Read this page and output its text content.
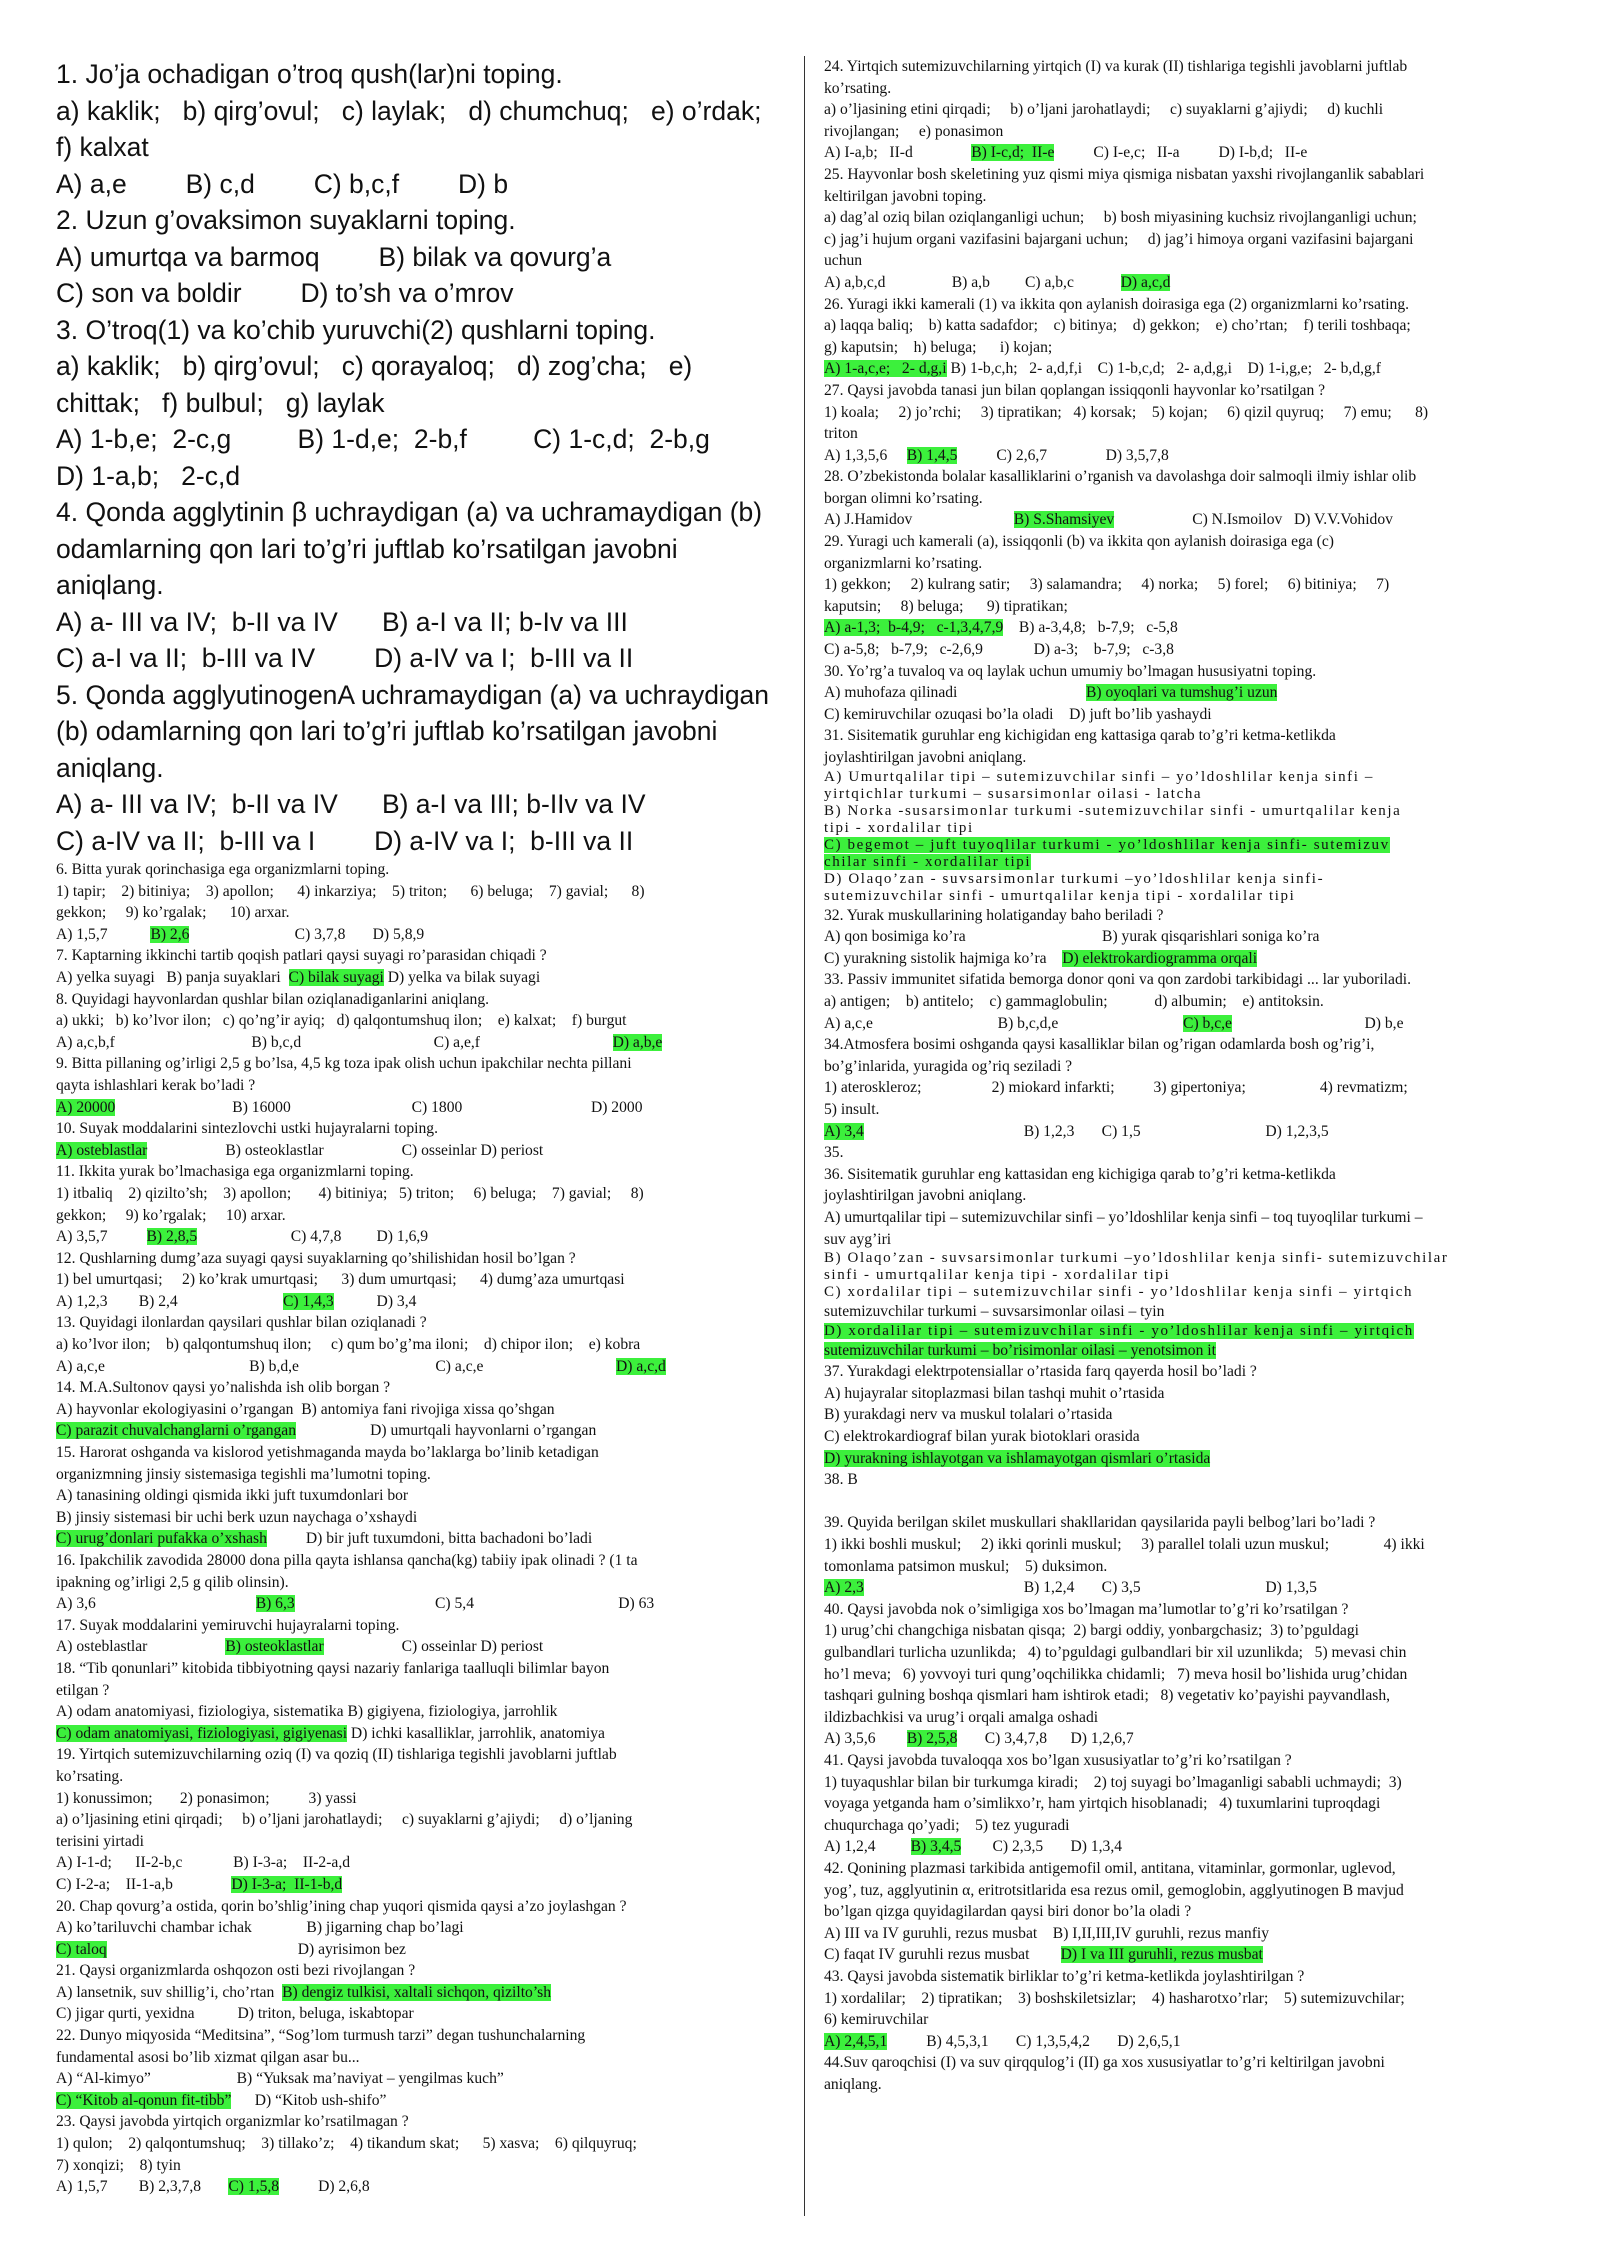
1. Jo’ja ochadigan o’troq qush(lar)ni toping.
a) kaklik;   b) qirg’ovul;   c) laylak;   d) chumchuq;   e) o’rdak;
f) kalxat
A) a,e        B) c,d        C) b,c,f        D) b
2. Uzun g’ovaksimon suyaklarni toping.
A) umurtqa va barmoq        B) bilak va qovurg’a
C) son va boldir        D) to’sh va o’mrov
3. O’troq(1) va ko’chib yuruvchi(2) qushlarni toping.
a) kaklik;   b) qirg’ovul;   c) qorayaloq;   d) zog’cha;   e)
chittak;   f) bulbul;   g) laylak
A) 1-b,e;  2-c,g         B) 1-d,e;  2-b,f         C) 1-c,d;  2-b,g
D) 1-a,b;   2-c,d
4. Qonda agglytinin β uchraydigan (a) va uchramaydigan (b)
odamlarning qon lari to’g’ri juftlab ko’rsatilgan javobni
aniqlang.
A) a- III va IV;  b-II va IV      B) a-I va II; b-Iv va III
C) a-I va II;  b-III va IV        D) a-IV va I;  b-III va II
5. Qonda agglyutinogenA uchramaydigan (a) va uchraydigan
(b) odamlarning qon lari to’g’ri juftlab ko’rsatilgan javobni
aniqlang.
A) a- III va IV;  b-II va IV      B) a-I va III; b-IIv va IV
C) a-IV va II;  b-III va I        D) a-IV va I;  b-III va II
6. Bitta yurak qorinchasiga ega organizmlarni toping.
1) tapir;    2) bitiniya;    3) apollon;      4) inkarziya;    5) triton;      6) beluga;    7) gavial;      8)
gekkon;     9) ko’rgalak;      10) arxar.
A) 1,5,7           B) 2,6                           C) 3,7,8       D) 5,8,9
7. Kaptarning ikkinchi tartib qoqish patlari qaysi suyagi ro’parasidan chiqadi ?
A) yelka suyagi   B) panja suyaklari  C) bilak suyagi D) yelka va bilak suyagi
8. Quyidagi hayvonlardan qushlar bilan oziqlanadiganlarini aniqlang.
a) ukki;   b) ko’lvor ilon;   c) qo’ng’ir ayiq;   d) qalqontumshuq ilon;    e) kalxat;    f) burgut
A) a,c,b,f                                   B) b,c,d                                  C) a,e,f                                  D) a,b,e
9. Bitta pillaning og’irligi 2,5 g bo’lsa, 4,5 kg toza ipak olish uchun ipakchilar nechta pillani
qayta ishlashlari kerak bo’ladi ?
A) 20000                              B) 16000                               C) 1800                                 D) 2000
10. Suyak moddalarini sintezlovchi ustki hujayralarni toping.
A) osteblastlar                    B) osteoklastlar                    C) osseinlar D) periost
11. Ikkita yurak bo’lmachasiga ega organizmlarni toping.
1) itbaliq    2) qizilto’sh;    3) apollon;       4) bitiniya;   5) triton;     6) beluga;    7) gavial;     8)
gekkon;     9) ko’rgalak;     10) arxar.
A) 3,5,7          B) 2,8,5                        C) 4,7,8         D) 1,6,9
12. Qushlarning dumg’aza suyagi qaysi suyaklarning qo’shilishidan hosil bo’lgan ?
1) bel umurtqasi;     2) ko’krak umurtqasi;      3) dum umurtqasi;      4) dumg’aza umurtqasi
A) 1,2,3        B) 2,4                           C) 1,4,3           D) 3,4
13. Quyidagi ilonlardan qaysilari qushlar bilan oziqlanadi ?
a) ko’lvor ilon;    b) qalqontumshuq ilon;     c) qum bo’g’ma iloni;    d) chipor ilon;    e) kobra
A) a,c,e                                     B) b,d,e                                   C) a,c,e                                  D) a,c,d
14. M.A.Sultonov qaysi yo’nalishda ish olib borgan ?
A) hayvonlar ekologiyasini o’rgangan  B) antomiya fani rivojiga xissa qo’shgan
C) parazit chuvalchanglarni o’rgangan                   D) umurtqali hayvonlarni o’rgangan
15. Harorat oshganda va kislorod yetishmaganda mayda bo’laklarga bo’linib ketadigan
organizmning jinsiy sistemasiga tegishli ma’lumotni toping.
A) tanasining oldingi qismida ikki juft tuxumdonlari bor
B) jinsiy sistemasi bir uchi berk uzun naychaga o’xshaydi
C) urug’donlari pufakka o’xshash          D) bir juft tuxumdoni, bitta bachadoni bo’ladi
16. Ipakchilik zavodida 28000 dona pilla qayta ishlansa qancha(kg) tabiiy ipak olinadi ? (1 ta
ipakning og’irligi 2,5 g qilib olinsin).
A) 3,6                                         B) 6,3                                    C) 5,4                                     D) 63
17. Suyak moddalarini yemiruvchi hujayralarni toping.
A) osteblastlar                    B) osteoklastlar                    C) osseinlar D) periost
18. “Tib qonunlari” kitobida tibbiyotning qaysi nazariy fanlariga taalluqli bilimlar bayon
etilgan ?
A) odam anatomiyasi, fiziologiya, sistematika B) gigiyena, fiziologiya, jarrohlik
C) odam anatomiyasi, fiziologiyasi, gigiyenasi D) ichki kasalliklar, jarrohlik, anatomiya
19. Yirtqich sutemizuvchilarning oziq (I) va qoziq (II) tishlariga tegishli javoblarni juftlab
ko’rsating.
1) konussimon;       2) ponasimon;          3) yassi
a) o’ljasining etini qirqadi;     b) o’ljani jarohatlaydi;     c) suyaklarni g’ajiydi;     d) o’ljaning
terisini yirtadi
A) I-1-d;      II-2-b,c             B) I-3-a;    II-2-a,d
C) I-2-a;    II-1-a,b               D) I-3-a;  II-1-b,d
20. Chap qovurg’a ostida, qorin bo’shlig’ining chap yuqori qismida qaysi a’zo joylashgan ?
A) ko’tariluvchi chambar ichak              B) jigarning chap bo’lagi
C) taloq                                                 D) ayrisimon bez
21. Qaysi organizmlarda oshqozon osti bezi rivojlangan ?
A) lansetnik, suv shillig’i, cho’rtan  B) dengiz tulkisi, xaltali sichqon, qizilto’sh
C) jigar qurti, yexidna           D) triton, beluga, iskabtopar
22. Dunyo miqyosida “Meditsina”, “Sog’lom turmush tarzi” degan tushunchalarning
fundamental asosi bo’lib xizmat qilgan asar bu...
A) “Al-kimyo”                      B) “Yuksak ma’naviyat – yengilmas kuch”
C) “Kitob al-qonun fit-tibb”      D) “Kitob ush-shifo”
23. Qaysi javobda yirtqich organizmlar ko’rsatilmagan ?
1) qulon;    2) qalqontumshuq;    3) tillako’z;    4) tikandum skat;      5) xasva;    6) qilquyruq;
7) xonqizi;    8) tyin
A) 1,5,7        B) 2,3,7,8       C) 1,5,8          D) 2,6,8
24. Yirtqich sutemizuvchilarning yirtqich (I) va kurak (II) tishlariga tegishli javoblarni juftlab
ko’rsating.
a) o’ljasining etini qirqadi;     b) o’ljani jarohatlaydi;     c) suyaklarni g’ajiydi;     d) kuchli
rivojlangan;     e) ponasimon
A) I-a,b;   II-d               B) I-c,d;  II-e          C) I-e,c;   II-a          D) I-b,d;   II-e
25. Hayvonlar bosh skeletining yuz qismi miya qismiga nisbatan yaxshi rivojlanganlik sabablari
keltirilgan javobni toping.
a) dag’al oziq bilan oziqlanganligi uchun;     b) bosh miyasining kuchsiz rivojlanganligi uchun;
c) jag’i hujum organi vazifasini bajargani uchun;     d) jag’i himoya organi vazifasini bajargani
uchun
A) a,b,c,d                 B) a,b         C) a,b,c            D) a,c,d
26. Yuragi ikki kamerali (1) va ikkita qon aylanish doirasiga ega (2) organizmlarni ko’rsating.
a) laqqa baliq;    b) katta sadafdor;    c) bitinya;    d) gekkon;    e) cho’rtan;    f) terili toshbaqa;
g) kaputsin;    h) beluga;      i) kojan;
A) 1-a,c,e;   2- d,g,i B) 1-b,c,h;   2- a,d,f,i    C) 1-b,c,d;   2- a,d,g,i    D) 1-i,g,e;   2- b,d,g,f
27. Qaysi javobda tanasi jun bilan qoplangan issiqqonli hayvonlar ko’rsatilgan ?
1) koala;     2) jo’rchi;     3) tipratikan;   4) korsak;    5) kojan;     6) qizil quyruq;     7) emu;      8)
triton
A) 1,3,5,6     B) 1,4,5          C) 2,6,7               D) 3,5,7,8
28. O’zbekistonda bolalar kasalliklarini o’rganish va davolashga doir salmoqli ilmiy ishlar olib
borgan olimni ko’rsating.
A) J.Hamidov                          B) S.Shamsiyev                    C) N.Ismoilov   D) V.V.Vohidov
29. Yuragi uch kamerali (a), issiqqonli (b) va ikkita qon aylanish doirasiga ega (c)
organizmlarni ko’rsating.
1) gekkon;     2) kulrang satir;     3) salamandra;     4) norka;     5) forel;     6) bitiniya;     7)
kaputsin;     8) beluga;      9) tipratikan;
A) a-1,3;  b-4,9;   c-1,3,4,7,9    B) a-3,4,8;   b-7,9;   c-5,8
C) a-5,8;   b-7,9;   c-2,6,9             D) a-3;    b-7,9;   c-3,8
30. Yo’rg’a tuvaloq va oq laylak uchun umumiy bo’lmagan hususiyatni toping.
A) muhofaza qilinadi                                 B) oyoqlari va tumshug’i uzun
C) kemiruvchilar ozuqasi bo’la oladi    D) juft bo’lib yashaydi
31. Sisitematik guruhlar eng kichigidan eng kattasiga qarab to’g’ri ketma-ketlikda
joylashtirilgan javobni aniqlang.
A) Umurtqalilar tipi – sutemizuvchilar sinfi – yo’ldoshlilar kenja sinfi –
yirtqichlar turkumi – susarsimonlar oilasi - latcha
B) Norka -susarsimonlar turkumi -sutemizuvchilar sinfi - umurtqalilar kenja
tipi - xordalilar tipi
C) begemot – juft tuyoqlilar turkumi - yo’ldoshlilar kenja sinfi- sutemizuv
chilar sinfi - xordalilar tipi
D) Olaqo’zan - suvsarsimonlar turkumi –yo’ldoshlilar kenja sinfi-
sutemizuvchilar sinfi - umurtqalilar kenja tipi - xordalilar tipi
32. Yurak muskullarining holatiganday baho beriladi ?
A) qon bosimiga ko’ra                                   B) yurak qisqarishlari soniga ko’ra
C) yurakning sistolik hajmiga ko’ra    D) elektrokardiogramma orqali
33. Passiv immunitet sifatida bemorga donor qoni va qon zardobi tarkibidagi ... lar yuboriladi.
a) antigen;    b) antitelo;    c) gammaglobulin;            d) albumin;    e) antitoksin.
A) a,c,e                                B) b,c,d,e                                C) b,c,e                                  D) b,e
34.Atmosfera bosimi oshganda qaysi kasalliklar bilan og’rigan odamlarda bosh og’rig’i,
bo’g’inlarida, yuragida og’riq seziladi ?
1) ateroskleroz;                  2) miokard infarkti;          3) gipertoniya;                   4) revmatizm;
5) insult.
A) 3,4                                         B) 1,2,3       C) 1,5                                D) 1,2,3,5
35.
36. Sisitematik guruhlar eng kattasidan eng kichigiga qarab to’g’ri ketma-ketlikda
joylashtirilgan javobni aniqlang.
A) umurtqalilar tipi – sutemizuvchilar sinfi – yo’ldoshlilar kenja sinfi – toq tuyoqlilar turkumi –
suv ayg’iri
B) Olaqo’zan - suvsarsimonlar turkumi –yo’ldoshlilar kenja sinfi- sutemizuvchilar
sinfi - umurtqalilar kenja tipi - xordalilar tipi
C) xordalilar tipi – sutemizuvchilar sinfi - yo’ldoshlilar kenja sinfi – yirtqich
sutemizuvchilar turkumi – suvsarsimonlar oilasi – tyin
D) xordalilar tipi – sutemizuvchilar sinfi - yo’ldoshlilar kenja sinfi – yirtqich
sutemizuvchilar turkumi – bo’risimonlar oilasi – yenotsimon it
37. Yurakdagi elektrpotensiallar o’rtasida farq qayerda hosil bo’ladi ?
A) hujayralar sitoplazmasi bilan tashqi muhit o’rtasida
B) yurakdagi nerv va muskul tolalari o’rtasida
C) elektrokardiograf bilan yurak biotoklari orasida
D) yurakning ishlayotgan va ishlamayotgan qismlari o’rtasida
38. B

39. Quyida berilgan skilet muskullari shakllaridan qaysilarida payli belbog’lari bo’ladi ?
1) ikki boshli muskul;     2) ikki qorinli muskul;     3) parallel tolali uzun muskul;              4) ikki
tomonlama patsimon muskul;    5) duksimon.
A) 2,3                                         B) 1,2,4       C) 3,5                                D) 1,3,5
40. Qaysi javobda nok o’simligiga xos bo’lmagan ma’lumotlar to’g’ri ko’rsatilgan ?
1) urug’chi changchiga nisbatan qisqa;  2) bargi oddiy, yonbargchasiz;  3) to’pguldagi
gulbandlari turlicha uzunlikda;   4) to’pguldagi gulbandlari bir xil uzunlikda;   5) mevasi chin
ho’l meva;   6) yovvoyi turi qung’oqchilikka chidamli;   7) meva hosil bo’lishida urug’chidan
tashqari gulning boshqa qismlari ham ishtirok etadi;   8) vegetativ ko’payishi payvandlash,
ildizbachkisi va urug’i orqali amalga oshadi
A) 3,5,6        B) 2,5,8       C) 3,4,7,8      D) 1,2,6,7
41. Qaysi javobda tuvaloqqa xos bo’lgan xususiyatlar to’g’ri ko’rsatilgan ?
1) tuyaqushlar bilan bir turkumga kiradi;    2) toj suyagi bo’lmaganligi sababli uchmaydi;  3)
voyaga yetganda ham o’simlikxo’r, ham yirtqich hisoblanadi;   4) tuxumlarini tuproqdagi
chuqurchaga qo’yadi;    5) tez yuguradi
A) 1,2,4         B) 3,4,5        C) 2,3,5       D) 1,3,4
42. Qonining plazmasi tarkibida antigemofil omil, antitana, vitaminlar, gormonlar, uglevod,
yog’, tuz, agglyutinin α, eritrotsitlarida esa rezus omil, gemoglobin, agglyutinogen B mavjud
bo’lgan qizga quyidagilardan qaysi biri donor bo’la oladi ?
A) III va IV guruhli, rezus musbat    B) I,II,III,IV guruhli, rezus manfiy
C) faqat IV guruhli rezus musbat        D) I va III guruhli, rezus musbat
43. Qaysi javobda sistematik birliklar to’g’ri ketma-ketlikda joylashtirilgan ?
1) xordalilar;    2) tipratikan;    3) boshskiletsizlar;    4) hasharotxo’rlar;    5) sutemizuvchilar;
6) kemiruvchilar
A) 2,4,5,1          B) 4,5,3,1       C) 1,3,5,4,2       D) 2,6,5,1
44.Suv qaroqchisi (I) va suv qirqqulog’i (II) ga xos xususiyatlar to’g’ri keltirilgan javobni
aniqlang.
